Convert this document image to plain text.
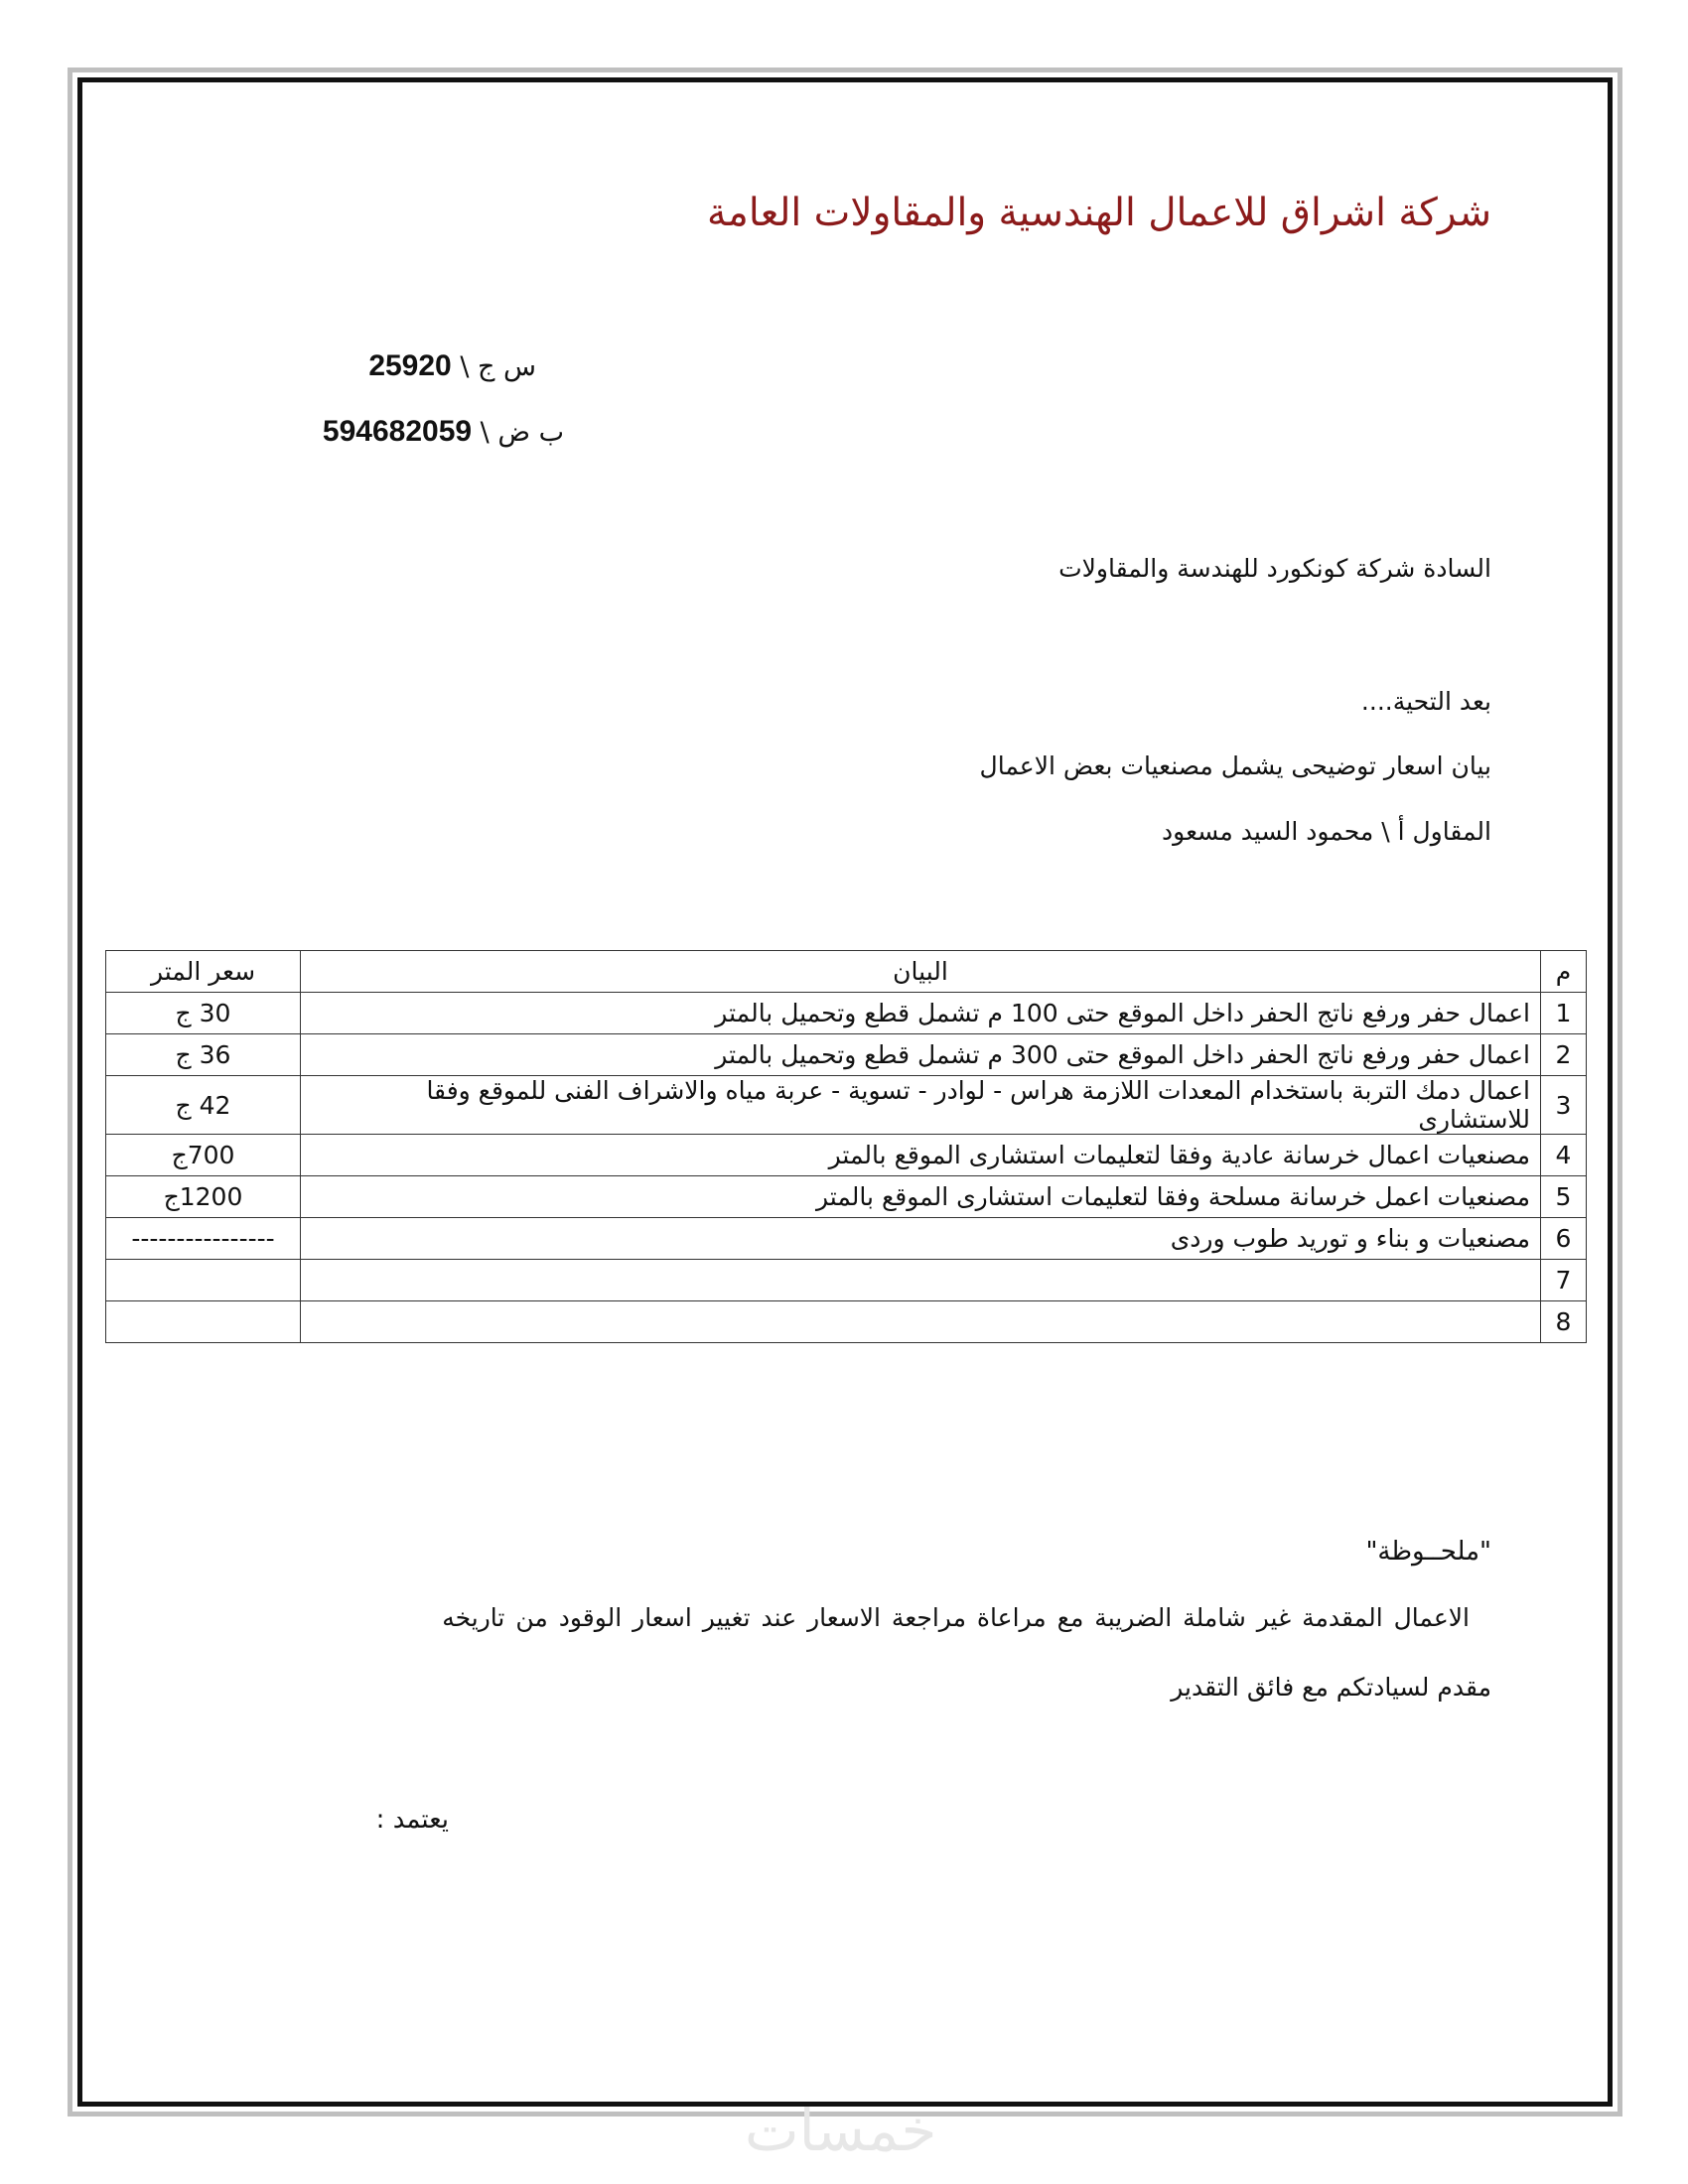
شركة اشراق للاعمال الهندسية والمقاولات العامة
س ج \ 25920
ب ض \ 594682059
السادة شركة كونكورد للهندسة والمقاولات
بعد التحية....
بيان اسعار توضيحى يشمل مصنعيات بعض الاعمال
المقاول أ \ محمود السيد مسعود
م	البيان	سعر المتر
1	اعمال حفر ورفع ناتج الحفر داخل الموقع حتى 100 م تشمل قطع وتحميل بالمتر	30 ج
2	اعمال حفر ورفع ناتج الحفر داخل الموقع حتى 300 م تشمل قطع وتحميل بالمتر	36 ج
3	اعمال دمك التربة باستخدام المعدات اللازمة هراس - لوادر - تسوية - عربة مياه والاشراف الفنى للموقع وفقا للاستشارى	42 ج
4	مصنعيات اعمال خرسانة عادية وفقا لتعليمات استشارى الموقع بالمتر	700ج
5	مصنعيات اعمل خرسانة مسلحة وفقا لتعليمات استشارى الموقع بالمتر	1200ج
6	مصنعيات و بناء و توريد طوب وردى	----------------
7		
8		
"ملحــوظة"
الاعمال المقدمة غير شاملة الضريبة مع مراعاة مراجعة الاسعار عند تغيير اسعار الوقود من تاريخه
مقدم لسيادتكم مع فائق التقدير
يعتمد :
خمسات
